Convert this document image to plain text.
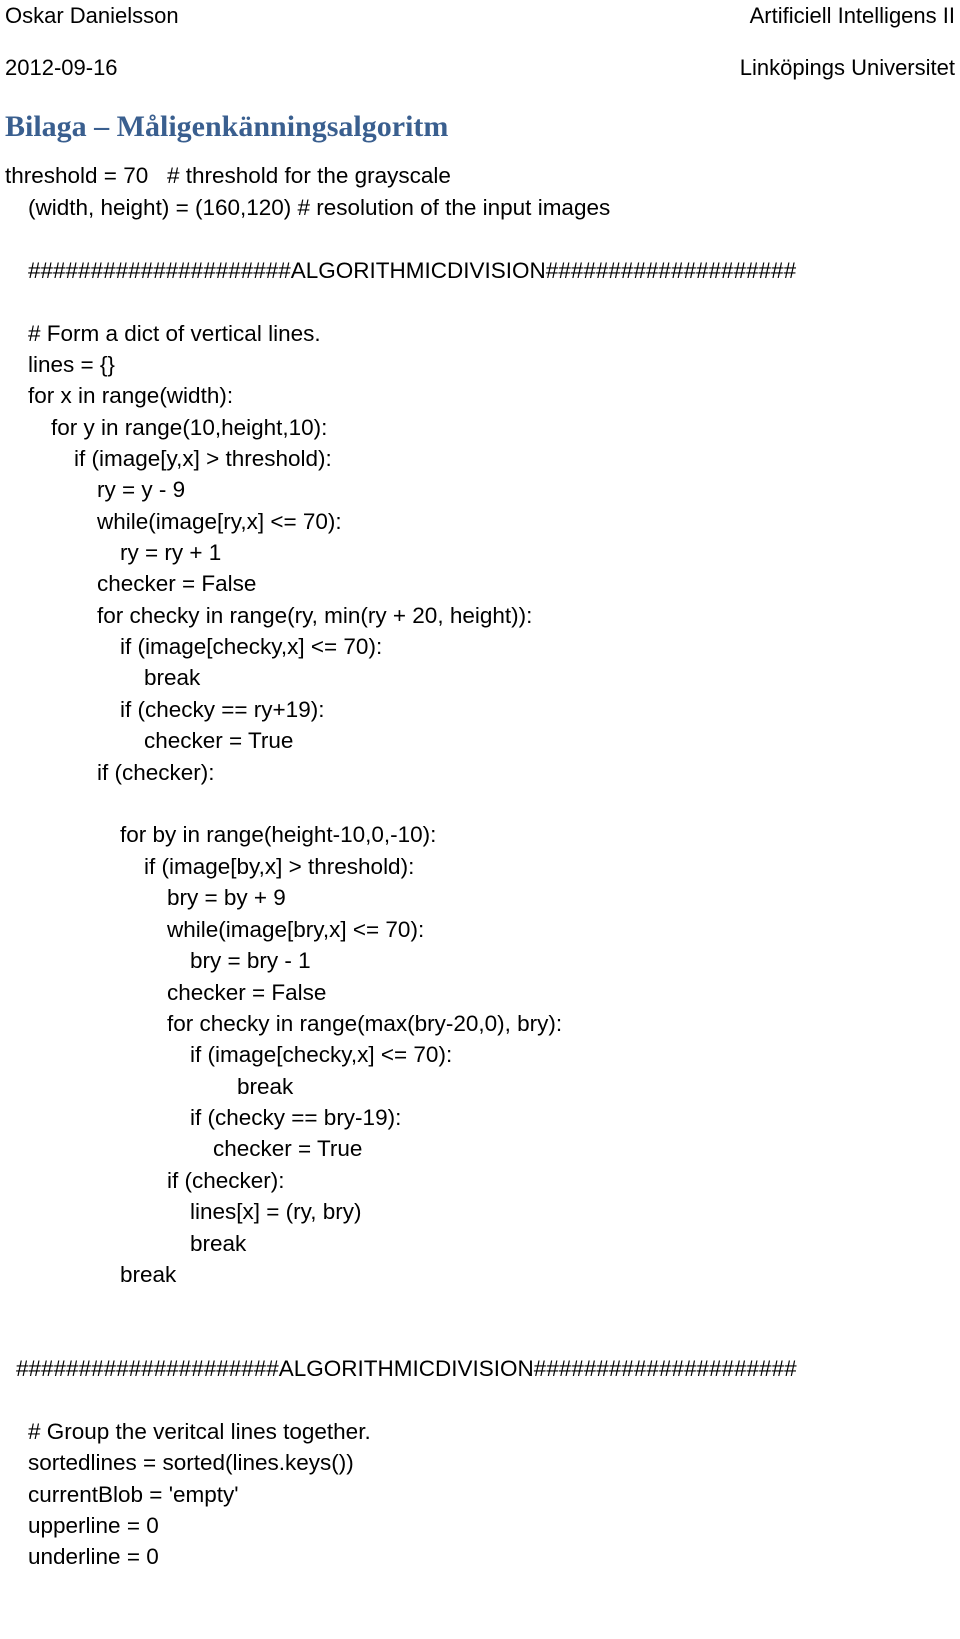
Oskar Danielsson	Artificiell Intelligens II
2012-09-16	Linköpings Universitet
Bilaga – Måligenkänningsalgoritm
threshold = 70   # threshold for the grayscale
(width, height) = (160,120) # resolution of the input images
#####################ALGORITHMICDIVISION####################
# Form a dict of vertical lines.
lines = {}
for x in range(width):
for y in range(10,height,10):
if (image[y,x] > threshold):
ry = y - 9
while(image[ry,x] <= 70):
ry = ry + 1
checker = False
for checky in range(ry, min(ry + 20, height)):
if (image[checky,x] <= 70):
break
if (checky == ry+19):
checker = True
if (checker):
for by in range(height-10,0,-10):
if (image[by,x] > threshold):
bry = by + 9
while(image[bry,x] <= 70):
bry = bry - 1
checker = False
for checky in range(max(bry-20,0), bry):
if (image[checky,x] <= 70):
break
if (checky == bry-19):
checker = True
if (checker):
lines[x] = (ry, bry)
break
break
#####################ALGORITHMICDIVISION#####################
# Group the veritcal lines together.
sortedlines = sorted(lines.keys())
currentBlob = 'empty'
upperline = 0
underline = 0
